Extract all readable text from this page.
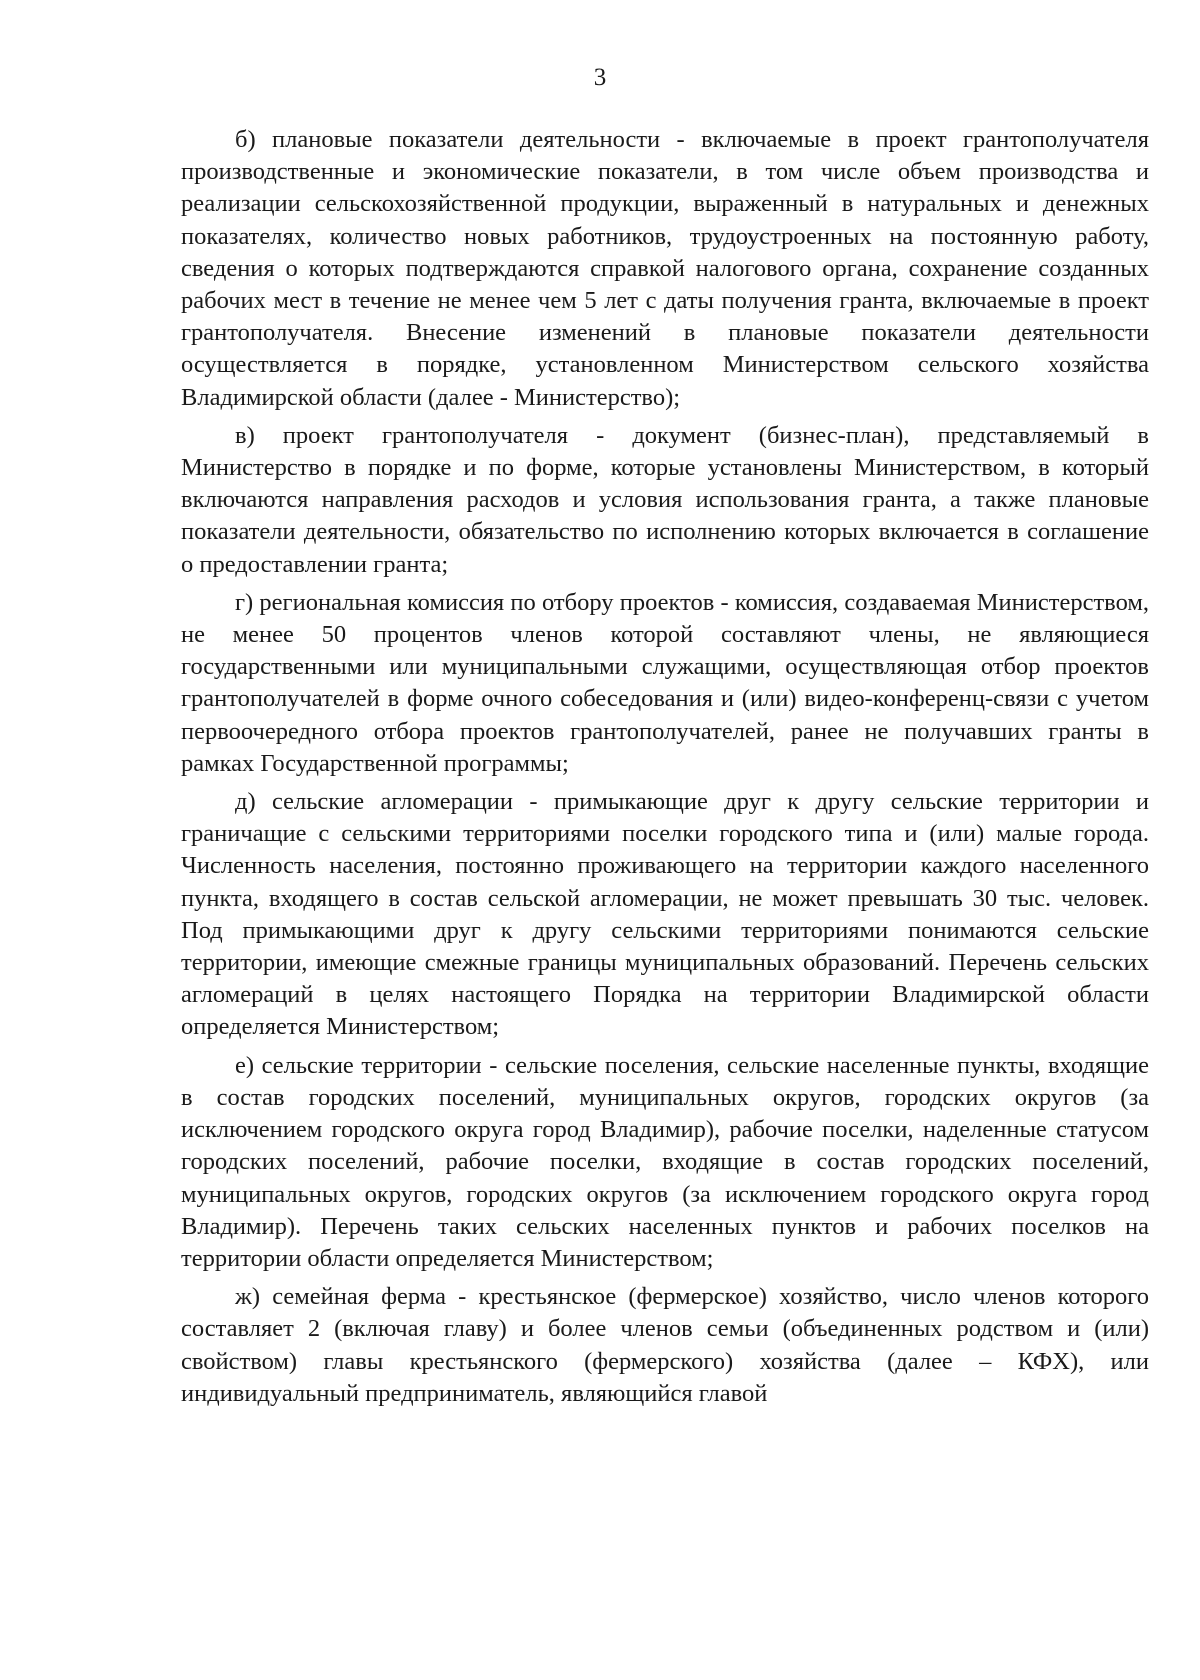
3

б) плановые показатели деятельности - включаемые в проект грантополучателя производственные и экономические показатели, в том числе объем производства и реализации сельскохозяйственной продукции, выраженный в натуральных и денежных показателях, количество новых работников, трудоустроенных на постоянную работу, сведения о которых подтверждаются справкой налогового органа, сохранение созданных рабочих мест в течение не менее чем 5 лет с даты получения гранта, включаемые в проект грантополучателя. Внесение изменений в плановые показатели деятельности осуществляется в порядке, установленном Министерством сельского хозяйства Владимирской области (далее - Министерство);

в) проект грантополучателя - документ (бизнес-план), представляемый в Министерство в порядке и по форме, которые установлены Министерством, в который включаются направления расходов и условия использования гранта, а также плановые показатели деятельности, обязательство по исполнению которых включается в соглашение о предоставлении гранта;

г) региональная комиссия по отбору проектов - комиссия, создаваемая Министерством, не менее 50 процентов членов которой составляют члены, не являющиеся государственными или муниципальными служащими, осуществляющая отбор проектов грантополучателей в форме очного собеседования и (или) видео-конференц-связи с учетом первоочередного отбора проектов грантополучателей, ранее не получавших гранты в рамках Государственной программы;

д) сельские агломерации - примыкающие друг к другу сельские территории и граничащие с сельскими территориями поселки городского типа и (или) малые города. Численность населения, постоянно проживающего на территории каждого населенного пункта, входящего в состав сельской агломерации, не может превышать 30 тыс. человек. Под примыкающими друг к другу сельскими территориями понимаются сельские территории, имеющие смежные границы муниципальных образований. Перечень сельских агломераций в целях настоящего Порядка на территории Владимирской области определяется Министерством;

е) сельские территории - сельские поселения, сельские населенные пункты, входящие в состав городских поселений, муниципальных округов, городских округов (за исключением городского округа город Владимир), рабочие поселки, наделенные статусом городских поселений, рабочие поселки, входящие в состав городских поселений, муниципальных округов, городских округов (за исключением городского округа город Владимир). Перечень таких сельских населенных пунктов и рабочих поселков на территории области определяется Министерством;

ж) семейная ферма - крестьянское (фермерское) хозяйство, число членов которого составляет 2 (включая главу) и более членов семьи (объединенных родством и (или) свойством) главы крестьянского (фермерского) хозяйства (далее – КФХ), или индивидуальный предприниматель, являющийся главой
